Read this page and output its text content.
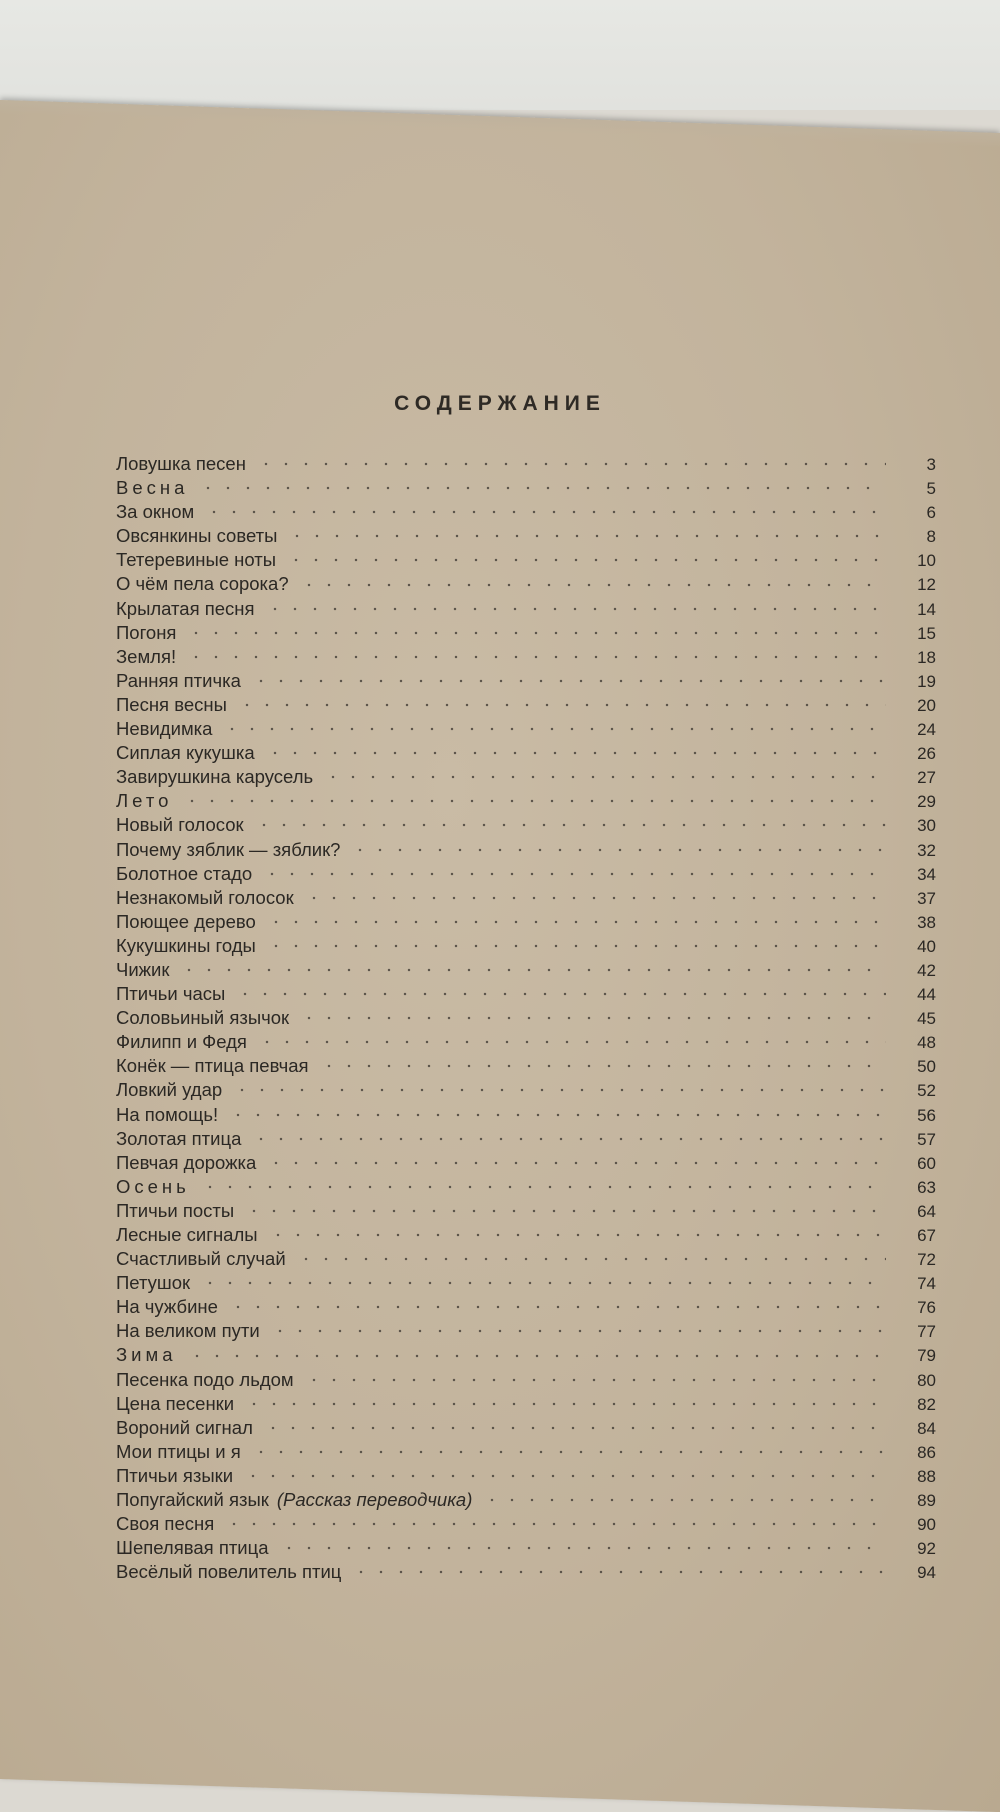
СОДЕРЖАНИЕ
Ловушка песен	3
Весна	5
За окном	6
Овсянкины советы	8
Тетеревиные ноты	10
О чём пела сорока?	12
Крылатая песня	14
Погоня	15
Земля!	18
Ранняя птичка	19
Песня весны	20
Невидимка	24
Сиплая кукушка	26
Завирушкина карусель	27
Лето	29
Новый голосок	30
Почему зяблик — зяблик?	32
Болотное стадо	34
Незнакомый голосок	37
Поющее дерево	38
Кукушкины годы	40
Чижик	42
Птичьи часы	44
Соловьиный язычок	45
Филипп и Федя	48
Конёк — птица певчая	50
Ловкий удар	52
На помощь!	56
Золотая птица	57
Певчая дорожка	60
Осень	63
Птичьи посты	64
Лесные сигналы	67
Счастливый случай	72
Петушок	74
На чужбине	76
На великом пути	77
Зима	79
Песенка подо льдом	80
Цена песенки	82
Вороний сигнал	84
Мои птицы и я	86
Птичьи языки	88
Попугайский язык (Рассказ переводчика)	89
Своя песня	90
Шепелявая птица	92
Весёлый повелитель птиц	94
